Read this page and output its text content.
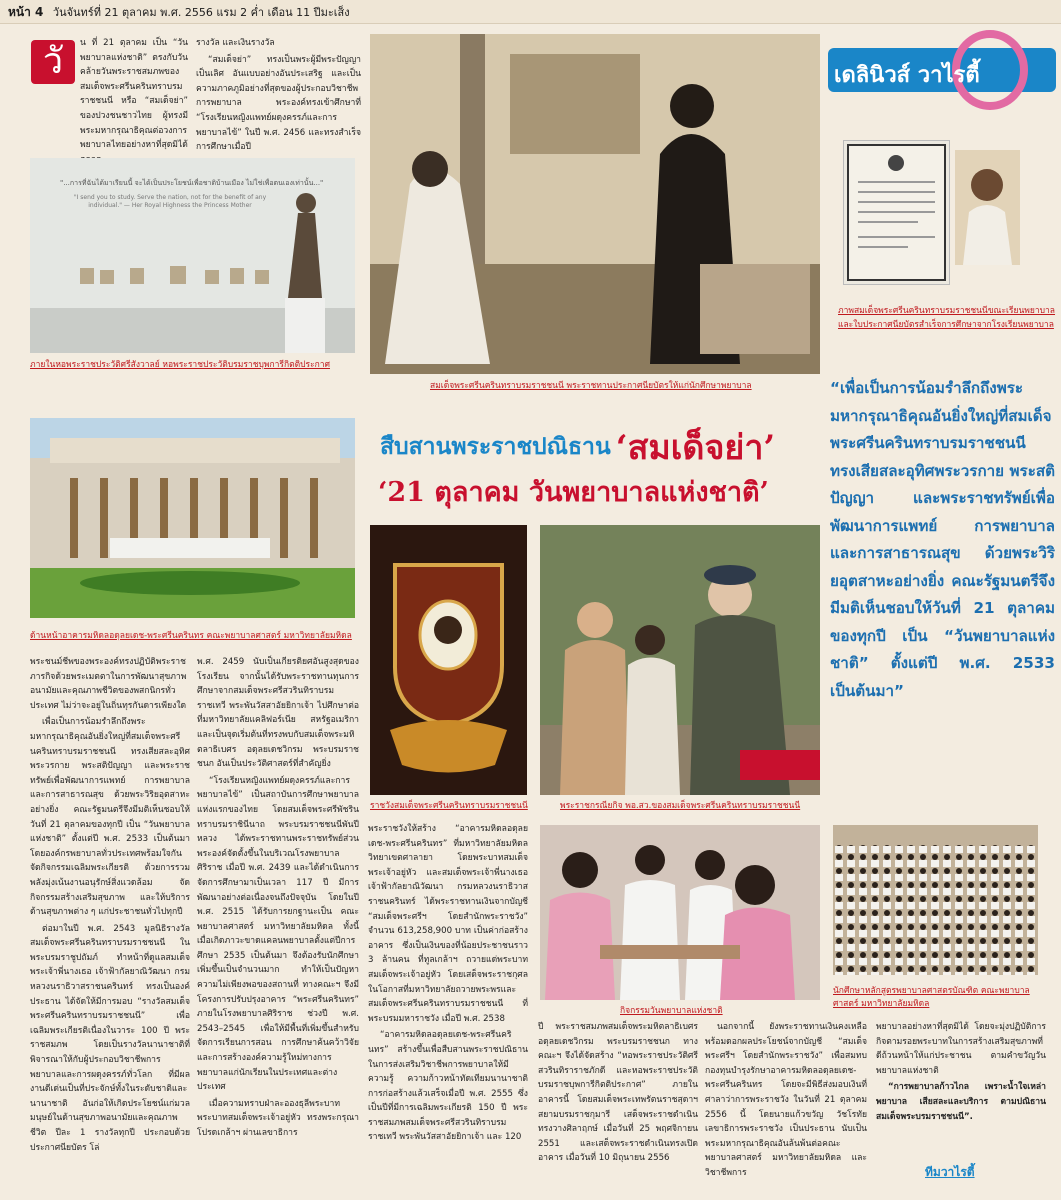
หน้า 4 วันจันทร์ที่ 21 ตุลาคม พ.ศ. 2556 แรม 2 ค่ำ เดือน 11 ปีมะเส็ง
เดลินิวส์ วาไรตี้
วั	น ที่ 21 ตุลาคม เป็น “วันพยาบาลแห่งชาติ” ตรงกับวันคล้ายวันพระราชสมภพของสมเด็จพระศรีนครินทราบรมราชชนนี หรือ “สมเด็จย่า” ของปวงชนชาวไทย ผู้ทรงมีพระมหากรุณาธิคุณต่อวงการพยาบาลไทยอย่างหาที่สุดมิได้

รางวัล และเงินรางวัล

“สมเด็จย่า” ทรงเป็นพระผู้มีพระปัญญาเป็นเลิศ อันแบบอย่างอันประเสริฐ และเป็นความภาคภูมิอย่างที่สุดของผู้ประกอบวิชาชีพการพยาบาล พระองค์ทรงเข้าศึกษาที่ “โรงเรียนหญิงแพทย์ผดุงครรภ์และการพยาบาลไข้” ในปี พ.ศ. 2456 และทรงสำเร็จการศึกษาเมื่อปี

"...การที่ฉันได้มาเรียนนี้ จะได้เป็นประโยชน์เพื่อชาติบ้านเมือง ไม่ใช่เพื่อตนเองเท่านั้น..."
"I send you to study. Serve the nation, not for the benefit of any individual." — Her Royal Highness the Princess Mother
ภายในหอพระราชประวัติศรีสังวาลย์ หอพระราชประวัติบรมราชบุพการีกิตติประกาศ
สมเด็จพระศรีนครินทราบรมราชชนนี พระราชทานประกาศนียบัตรให้แก่นักศึกษาพยาบาล
ภาพสมเด็จพระศรีนครินทราบรมราชชนนีขณะเรียนพยาบาล และใบประกาศนียบัตรสำเร็จการศึกษาจากโรงเรียนพยาบาล
“เพื่อเป็นการน้อมรำลึกถึงพระมหากรุณาธิคุณอันยิ่งใหญ่ที่สมเด็จพระศรีนครินทราบรมราชชนนี ทรงเสียสละอุทิศพระวรกาย พระสติปัญญา และพระราชทรัพย์เพื่อพัฒนาการแพทย์ การพยาบาล และการสาธารณสุข ด้วยพระวิริยอุตสาหะอย่างยิ่ง คณะรัฐมนตรีจึงมีมติเห็นชอบให้วันที่ 21 ตุลาคมของทุกปี เป็น “วันพยาบาลแห่งชาติ” ตั้งแต่ปี พ.ศ. 2533 เป็นต้นมา”
ด้านหน้าอาคารมหิดลอดุลยเดช-พระศรีนครินทร คณะพยาบาลศาสตร์ มหาวิทยาลัยมหิดล
สืบสานพระราชปณิธาน ‘สมเด็จย่า’
‘21 ตุลาคม วันพยาบาลแห่งชาติ’
ราชวังสมเด็จพระศรีนครินทราบรมราชชนนี	พระราชกรณียกิจ พอ.สว.ของสมเด็จพระศรีนครินทราบรมราชชนนี
กิจกรรมวันพยาบาลแห่งชาติ
นักศึกษาหลักสูตรพยาบาลศาสตรบัณฑิต คณะพยาบาลศาสตร์ มหาวิทยาลัยมหิดล

พระชนม์ชีพของพระองค์ทรงปฏิบัติพระราชภารกิจด้วยพระเมตตาในการพัฒนาสุขภาพอนามัยและคุณภาพชีวิตของพสกนิกรทั่วประเทศ ไม่ว่าจะอยู่ในถิ่นทุรกันดารเพียงใด

เพื่อเป็นการน้อมรำลึกถึงพระมหากรุณาธิคุณอันยิ่งใหญ่ที่สมเด็จพระศรีนครินทราบรมราชชนนี ทรงเสียสละอุทิศพระวรกาย พระสติปัญญา และพระราชทรัพย์เพื่อพัฒนาการแพทย์ การพยาบาล และการสาธารณสุข ด้วยพระวิริยอุตสาหะอย่างยิ่ง คณะรัฐมนตรีจึงมีมติเห็นชอบให้ วันที่ 21 ตุลาคมของทุกปี เป็น “วันพยาบาลแห่งชาติ” ตั้งแต่ปี พ.ศ. 2533 เป็นต้นมา โดยองค์กรพยาบาลทั่วประเทศพร้อมใจกันจัดกิจกรรมเฉลิมพระเกียรติ ด้วยการรวมพลังมุ่งเน้นงานอนุรักษ์สิ่งแวดล้อม จัดกิจกรรมสร้างเสริมสุขภาพ และให้บริการด้านสุขภาพต่าง ๆ แก่ประชาชนทั่วไปทุกปี

ต่อมาในปี พ.ศ. 2543 มูลนิธิรางวัลสมเด็จพระศรีนครินทราบรมราชชนนี ในพระบรมราชูปถัมภ์ ทำหน้าที่ดูแลสมเด็จพระเจ้าพี่นางเธอ เจ้าฟ้ากัลยาณิวัฒนา กรมหลวงนราธิวาสราชนครินทร์ ทรงเป็นองค์ประธาน ได้จัดให้มีการมอบ “รางวัลสมเด็จพระศรีนครินทราบรมราชชนนี” เพื่อเฉลิมพระเกียรติเนื่องในวาระ 100 ปี พระราชสมภพ โดยเป็นรางวัลนานาชาติที่พิจารณาให้กับผู้ประกอบวิชาชีพการพยาบาลและการผดุงครรภ์ทั่วโลก ที่มีผลงานดีเด่นเป็นที่ประจักษ์ทั้งในระดับชาติและนานาชาติ อันก่อให้เกิดประโยชน์แก่มวลมนุษย์ในด้านสุขภาพอนามัยและคุณภาพชีวิต ปีละ 1 รางวัลทุกปี ประกอบด้วยประกาศนียบัตร โล่

พ.ศ. 2459 นับเป็นเกียรติยศอันสูงสุดของโรงเรียน จากนั้นได้รับพระราชทานทุนการศึกษาจากสมเด็จพระศรีสวรินทิราบรมราชเทวี พระพันวัสสาอัยยิกาเจ้า ไปศึกษาต่อที่มหาวิทยาลัยแคลิฟอร์เนีย สหรัฐอเมริกา และเป็นจุดเริ่มต้นที่ทรงพบกับสมเด็จพระมหิตลาธิเบศร อดุลยเดชวิกรม พระบรมราชชนก อันเป็นประวัติศาสตร์ที่สำคัญยิ่ง

“โรงเรียนหญิงแพทย์ผดุงครรภ์และการพยาบาลไข้” เป็นสถาบันการศึกษาพยาบาลแห่งแรกของไทย โดยสมเด็จพระศรีพัชรินทราบรมราชินีนาถ พระบรมราชชนนีพันปีหลวง ได้พระราชทานพระราชทรัพย์ส่วนพระองค์จัดตั้งขึ้นในบริเวณโรงพยาบาลศิริราช เมื่อปี พ.ศ. 2439 และได้ดำเนินการจัดการศึกษามาเป็นเวลา 117 ปี มีการพัฒนาอย่างต่อเนื่องจนถึงปัจจุบัน โดยในปี พ.ศ. 2515 ได้รับการยกฐานะเป็น คณะพยาบาลศาสตร์ มหาวิทยาลัยมหิดล ทั้งนี้ เมื่อเกิดภาวะขาดแคลนพยาบาลตั้งแต่ปีการศึกษา 2535 เป็นต้นมา จึงต้องรับนักศึกษาเพิ่มขึ้นเป็นจำนวนมาก ทำให้เป็นปัญหาความไม่เพียงพอของสถานที่ ทางคณะฯ จึงมีโครงการปรับปรุงอาคาร “พระศรีนครินทร” ภายในโรงพยาบาลศิริราช ช่วงปี พ.ศ. 2543–2545 เพื่อให้มีพื้นที่เพิ่มขึ้นสำหรับจัดการเรียนการสอน การศึกษาค้นคว้าวิจัย และการสร้างองค์ความรู้ใหม่ทางการพยาบาลแก่นักเรียนในประเทศและต่างประเทศ

เมื่อความทราบฝ่าละอองธุลีพระบาท พระบาทสมเด็จพระเจ้าอยู่หัว ทรงพระกรุณาโปรดเกล้าฯ ผ่านเลขาธิการ

พระราชวังให้สร้าง “อาคารมหิดลอดุลยเดช-พระศรีนครินทร” ที่มหาวิทยาลัยมหิดล วิทยาเขตศาลายา โดยพระบาทสมเด็จพระเจ้าอยู่หัว และสมเด็จพระเจ้าพี่นางเธอ เจ้าฟ้ากัลยาณิวัฒนา กรมหลวงนราธิวาสราชนครินทร์ ได้พระราชทานเงินจากบัญชี “สมเด็จพระศรีฯ โดยสำนักพระราชวัง” จำนวน 613,258,900 บาท เป็นค่าก่อสร้างอาคาร ซึ่งเป็นเงินของที่น้อยประชาชนราว 3 ล้านคน ที่ทูลเกล้าฯ ถวายแด่พระบาทสมเด็จพระเจ้าอยู่หัว โดยเสด็จพระราชกุศล ในโอกาสที่มหาวิทยาลัยถวายพระพรและสมเด็จพระศรีนครินทราบรมราชชนนี ที่พระบรมมหาราชวัง เมื่อปี พ.ศ. 2538

“อาคารมหิดลอดุลยเดช-พระศรีนครินทร” สร้างขึ้นเพื่อสืบสานพระราชปณิธานในการส่งเสริมวิชาชีพการพยาบาลให้มีความรู้ ความก้าวหน้าทัดเทียมนานาชาติ การก่อสร้างแล้วเสร็จเมื่อปี พ.ศ. 2555 ซึ่งเป็นปีที่มีการเฉลิมพระเกียรติ 150 ปี พระราชสมภพสมเด็จพระศรีสวรินทิราบรมราชเทวี พระพันวัสสาอัยยิกาเจ้า และ 120

ปี พระราชสมภพสมเด็จพระมหิตลาธิเบศร อดุลยเดชวิกรม พระบรมราชชนก ทางคณะฯ จึงได้จัดสร้าง “หอพระราชประวัติศรีสวรินทิราราชภักดี และหอพระราชประวัติบรมราชบุพการีกิตติประกาศ” ภายในอาคารนี้ โดยสมเด็จพระเทพรัตนราชสุดาฯ สยามบรมราชกุมารี เสด็จพระราชดำเนินทรงวางศิลาฤกษ์ เมื่อวันที่ 25 พฤศจิกายน 2551 และเสด็จพระราชดำเนินทรงเปิดอาคาร เมื่อวันที่ 10 มิถุนายน 2556

นอกจากนี้ ยังพระราชทานเงินคงเหลือพร้อมดอกผลประโยชน์จากบัญชี “สมเด็จพระศรีฯ โดยสำนักพระราชวัง” เพื่อสมทบกองทุนบำรุงรักษาอาคารมหิดลอดุลยเดช-พระศรีนครินทร โดยจะมีพิธีส่งมอบเงินที่ศาลาว่าการพระราชวัง ในวันที่ 21 ตุลาคม 2556 นี้ โดยนายแก้วขวัญ วัชโรทัย เลขาธิการพระราชวัง เป็นประธาน นับเป็นพระมหากรุณาธิคุณอันล้นพ้นต่อคณะพยาบาลศาสตร์ มหาวิทยาลัยมหิดล และวิชาชีพการ

พยาบาลอย่างหาที่สุดมิได้ โดยจะมุ่งปฏิบัติการกิจตามรอยพระบาทในการสร้างเสริมสุขภาพที่ดีถ้วนหน้าให้แก่ประชาชน ตามคำขวัญวันพยาบาลแห่งชาติ

“การพยาบาลก้าวไกล เพราะน้ำใจเหล่าพยาบาล เสียสละและบริการ ตามปณิธานสมเด็จพระบรมราชชนนี”.

ทีมวาไรตี้
